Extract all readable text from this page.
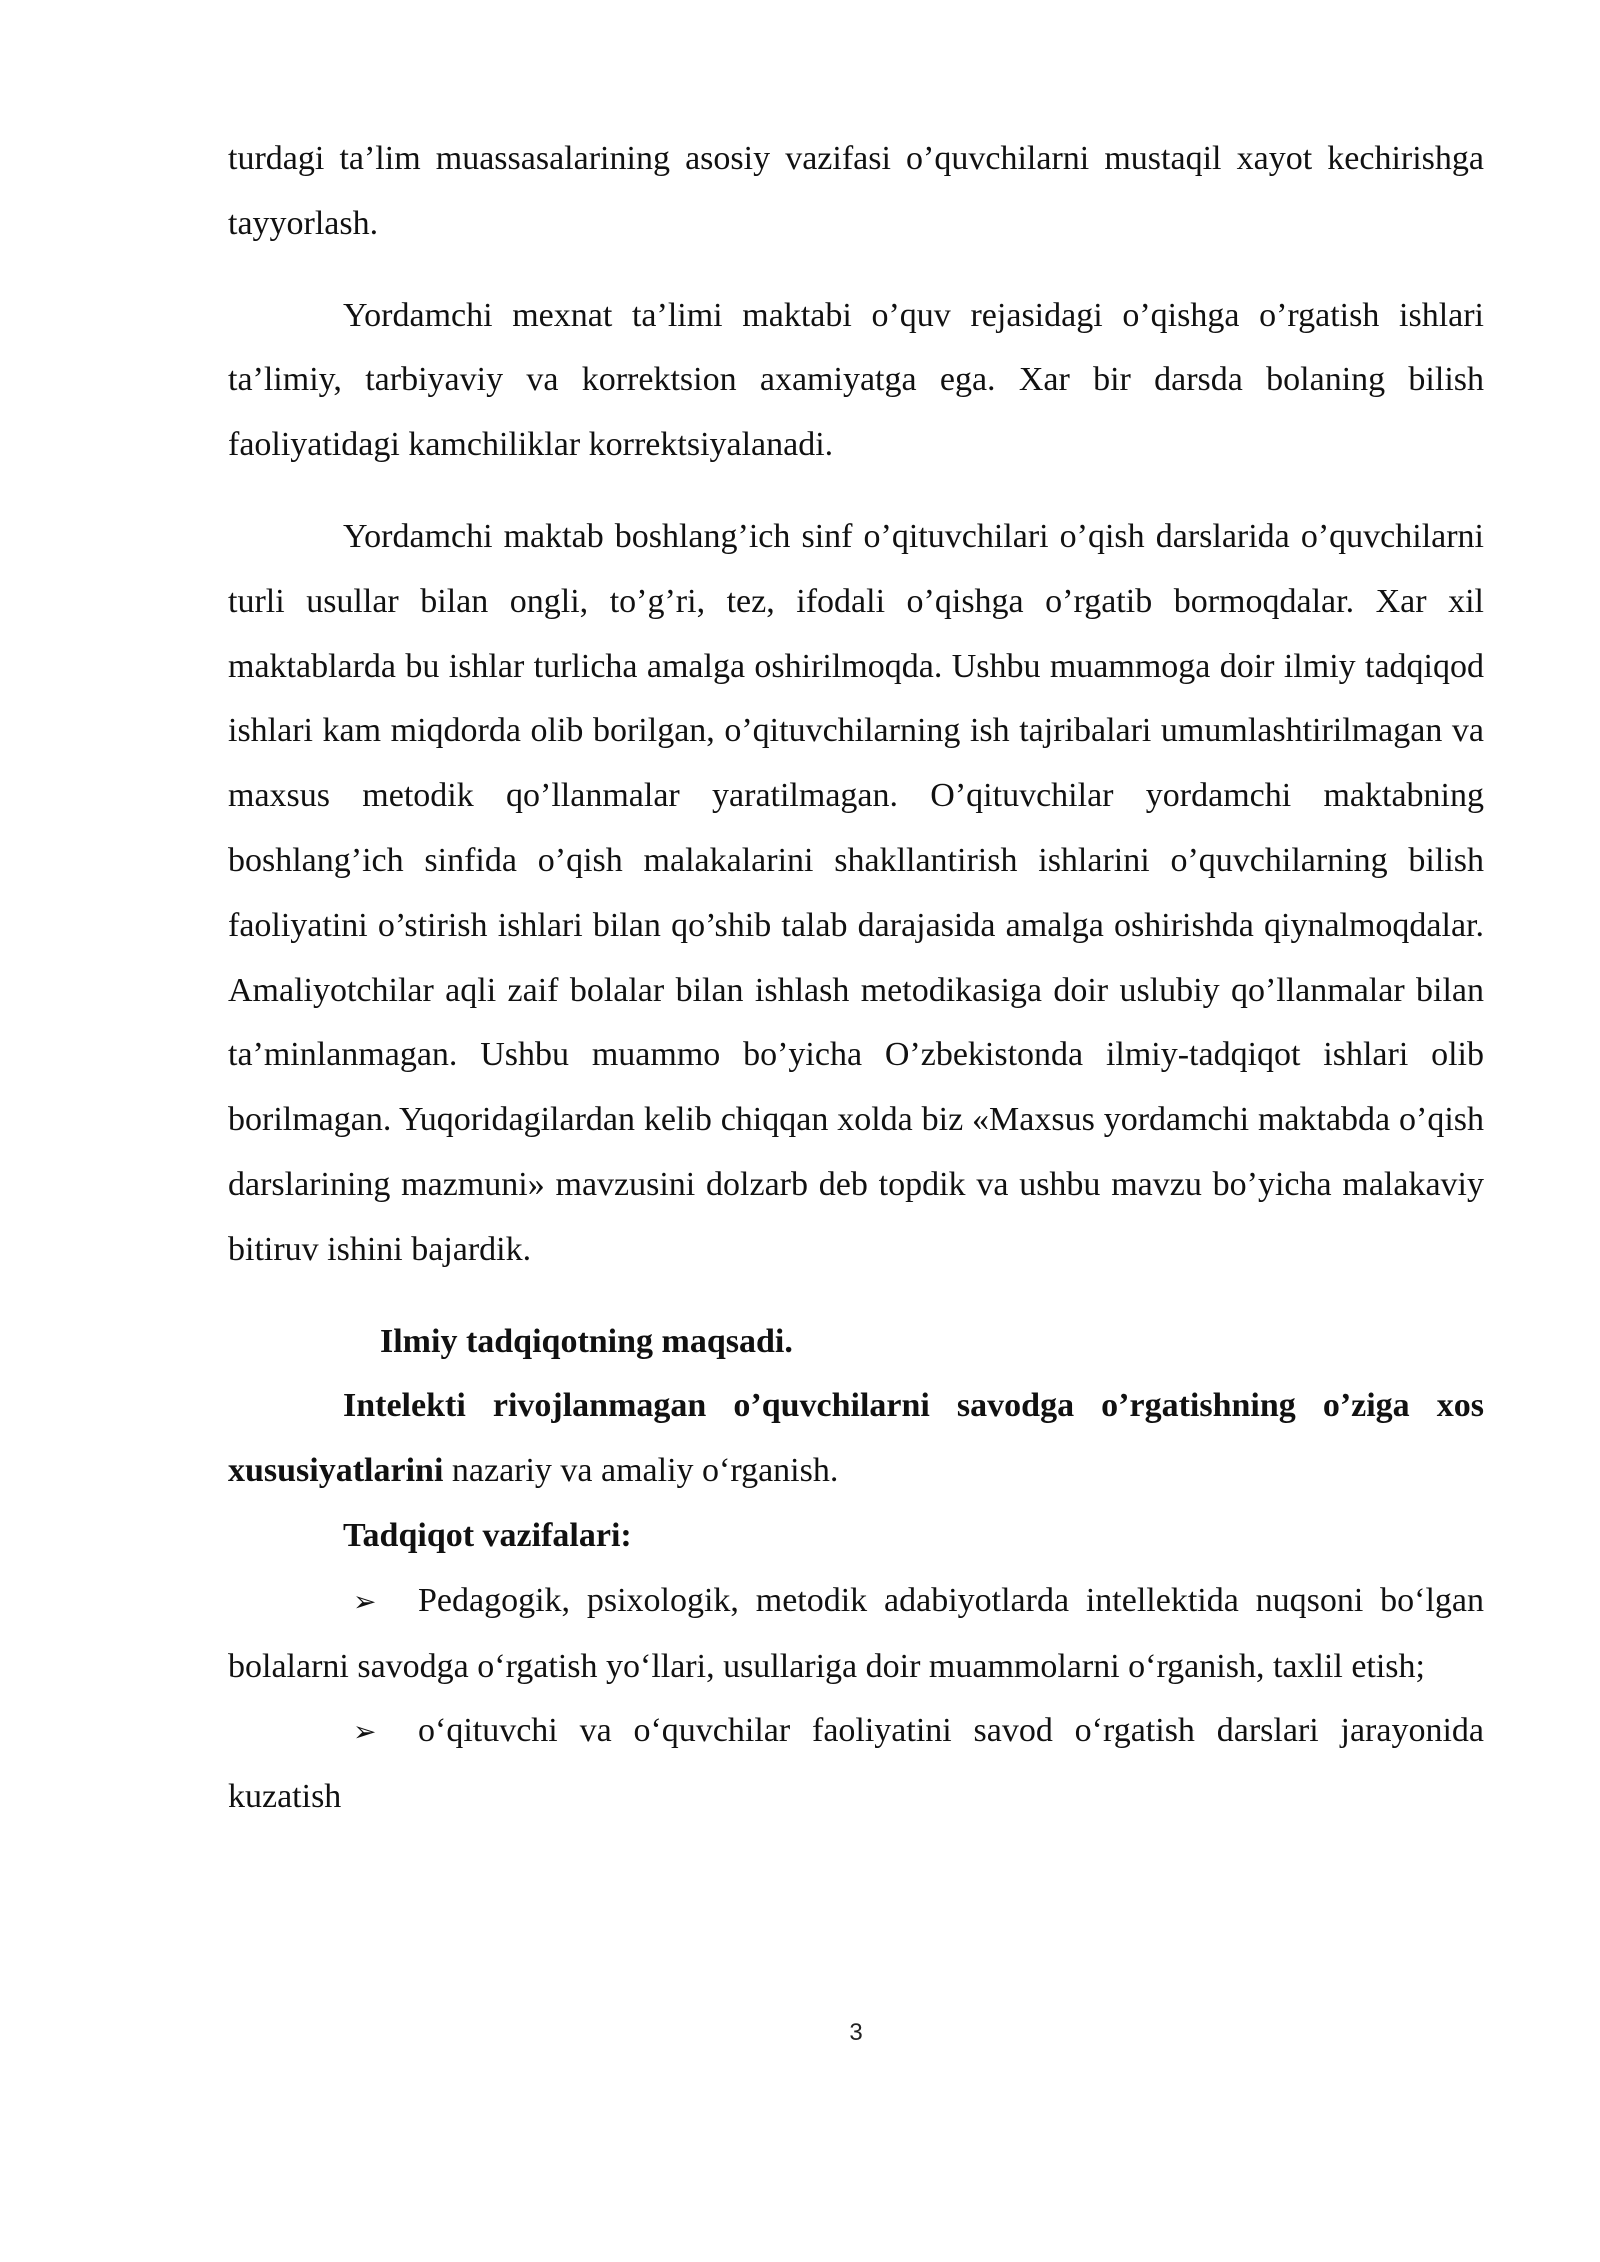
turdagi ta’lim muassasalarining asosiy vazifasi o’quvchilarni mustaqil xayot kechirishga tayyorlash.

Yordamchi mexnat ta’limi maktabi o’quv rejasidagi o’qishga o’rgatish ishlari ta’limiy, tarbiyaviy va korrektsion axamiyatga ega. Xar bir darsda bolaning bilish faoliyatidagi kamchiliklar korrektsiyalanadi.

Yordamchi maktab boshlang’ich sinf o’qituvchilari o’qish darslarida o’quvchilarni turli usullar bilan ongli, to’g’ri, tez, ifodali o’qishga o’rgatib bormoqdalar. Xar xil maktablarda bu ishlar turlicha amalga oshirilmoqda. Ushbu muammoga doir ilmiy tadqiqod ishlari kam miqdorda olib borilgan, o’qituvchilarning ish tajribalari umumlashtirilmagan va maxsus metodik qo’llanmalar yaratilmagan. O’qituvchilar yordamchi maktabning boshlang’ich sinfida o’qish malakalarini shakllantirish ishlarini o’quvchilarning bilish faoliyatini o’stirish ishlari bilan qo’shib talab darajasida amalga oshirishda qiynalmoqdalar. Amaliyotchilar aqli zaif bolalar bilan ishlash metodikasiga doir uslubiy qo’llanmalar bilan ta’minlanmagan. Ushbu muammo bo’yicha O’zbekistonda ilmiy-tadqiqot ishlari olib borilmagan. Yuqoridagilardan kelib chiqqan xolda biz «Maxsus yordamchi maktabda o’qish darslarining mazmuni» mavzusini dolzarb deb topdik va ushbu mavzu bo’yicha malakaviy bitiruv ishini bajardik.

Ilmiy tadqiqotning maqsadi.

Intelekti rivojlanmagan o’quvchilarni savodga o’rgatishning o’ziga xos xususiyatlarini nazariy va amaliy o‘rganish.

Tadqiqot vazifalari:

➢ Pedagogik, psixologik, metodik adabiyotlarda intellektida nuqsoni bo‘lgan bolalarni savodga o‘rgatish yo‘llari, usullariga doir muammolarni o‘rganish, taxlil etish;

➢ o‘qituvchi va o‘quvchilar faoliyatini savod o‘rgatish darslari jarayonida kuzatish

3
